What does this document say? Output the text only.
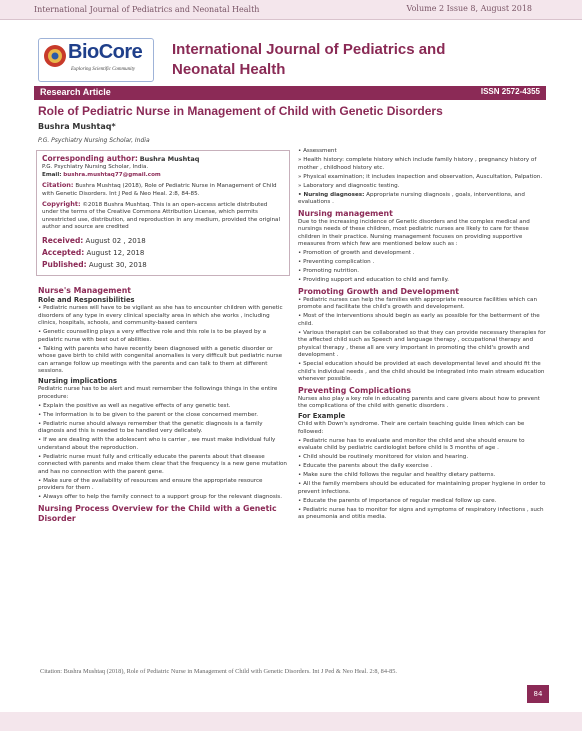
International Journal of Pediatrics and Neonatal Health	Volume 2 Issue 8, August 2018
BioCore
Exploring Scientific Community
International Journal of Pediatrics and Neonatal Health
Research Article	ISSN 2572-4355
Role of Pediatric Nurse in Management of Child with Genetic Disorders
Bushra Mushtaq*
P.G. Psychiatry Nursing Scholar, India
Corresponding author: Bushra Mushtaq
P.G. Psychiatry Nursing Scholar, India.
Email: bushra.mushtaq77@gmail.com
Citation: Bushra Mushtaq (2018), Role of Pediatric Nurse in Management of Child with Genetic Disorders. Int J Ped & Neo Heal. 2:8, 84-85.
Copyright: ©2018 Bushra Mushtaq. This is an open-access article distributed under the terms of the Creative Commons Attribution License, which permits unrestricted use, distribution, and reproduction in any medium, provided the original author and source are credited
Received: August 02 , 2018
Accepted: August 12, 2018
Published: August 30, 2018
Nurse's Management
Role and Responsibilities

• Pediatric nurses will have to be vigilant as she has to encounter children with genetic disorders of any type in every clinical specialty area in which she works , including clinics, hospitals, schools, and community-based centers

• Genetic counselling plays a very effective role and this role is to be played by a pediatric nurse with best out of abilities.

• Talking with parents who have recently been diagnosed with a genetic disorder or whose gave birth to child with congenital anomalies is very difficult but pediatric nurse can arrange follow up meetings with the parents and can talk to them at different sessions.

Nursing implications

Pediatric nurse has to be alert and must remember the followings things in the entire procedure:

• Explain the positive as well as negative effects of any genetic test.

• The information is to be given to the parent or the close concerned member.

• Pediatric nurse should always remember that the genetic diagnosis is a family diagnosis and this is needed to be handled very delicately.

• If we are dealing with the adolescent who is carrier , we must make individual fully understand about the reproduction.

• Pediatric nurse must fully and critically educate the parents about that disease connected with parents and make them clear that the frequency is a new gene mutation and has no connection with the parent gene.

• Make sure of the availability of resources and ensure the appropriate resource providers for them .

• Always offer to help the family connect to a support group for the relevant diagnosis.

Nursing Process Overview for the Child with a Genetic Disorder

• Assessment

» Health history: complete history which include family history , pregnancy history of mother , childhood history etc.

» Physical examination; it includes inspection and observation, Auscultation, Palpation.

» Laboratory and diagnostic testing.

• Nursing diagnoses: Appropriate nursing diagnosis , goals, interventions, and evaluations .

Nursing management

Due to the increasing incidence of Genetic disorders and the complex medical and nursings needs of these children, most pediatric nurses are likely to care for these children in their practice. Nursing management focuses on providing supportive measures from which few are mentioned below such as :

• Promotion of growth and development .

• Preventing complication .

• Promoting nutrition.

• Providing support and education to child and family.

Promoting Growth and Development

• Pediatric nurses can help the families with appropriate resource facilities which can promote and facilitate the child's growth and development.

• Most of the interventions should begin as early as possible for the betterment of the child.

• Various therapist can be collaborated so that they can provide necessary therapies for the affected child such as Speech and language therapy , occupational therapy and physical therapy , these all are very important in promoting the child's growth and development .

• Special education should be provided at each developmental level and should fit the child's individual needs , and the child should be integrated into main stream education whenever possible.

Preventing Complications

Nurses also play a key role in educating parents and care givers about how to prevent the complications of the child with genetic disorders .

For Example

Child with Down's syndrome. Their are certain teaching guide lines which can be followed:

• Pediatric nurse has to evaluate and monitor the child and she should ensure to evaluate child by pediatric cardiologist before child is 3 months of age .

• Child should be routinely monitored for vision and hearing.

• Educate the parents about the daily exercise .

• Make sure the child follows the regular and healthy dietary patterns.

• All the family members should be educated for maintaining proper hygiene in order to prevent infections.

• Educate the parents of importance of regular medical follow up care.

• Pediatric nurse has to monitor for signs and symptoms of respiratory infections , such as pneumonia and otitis media.

Citation: Bushra Mushtaq (2018), Role of Pediatric Nurse in Management of Child with Genetic Disorders. Int J Ped & Neo Heal. 2:8, 84-85.
84
